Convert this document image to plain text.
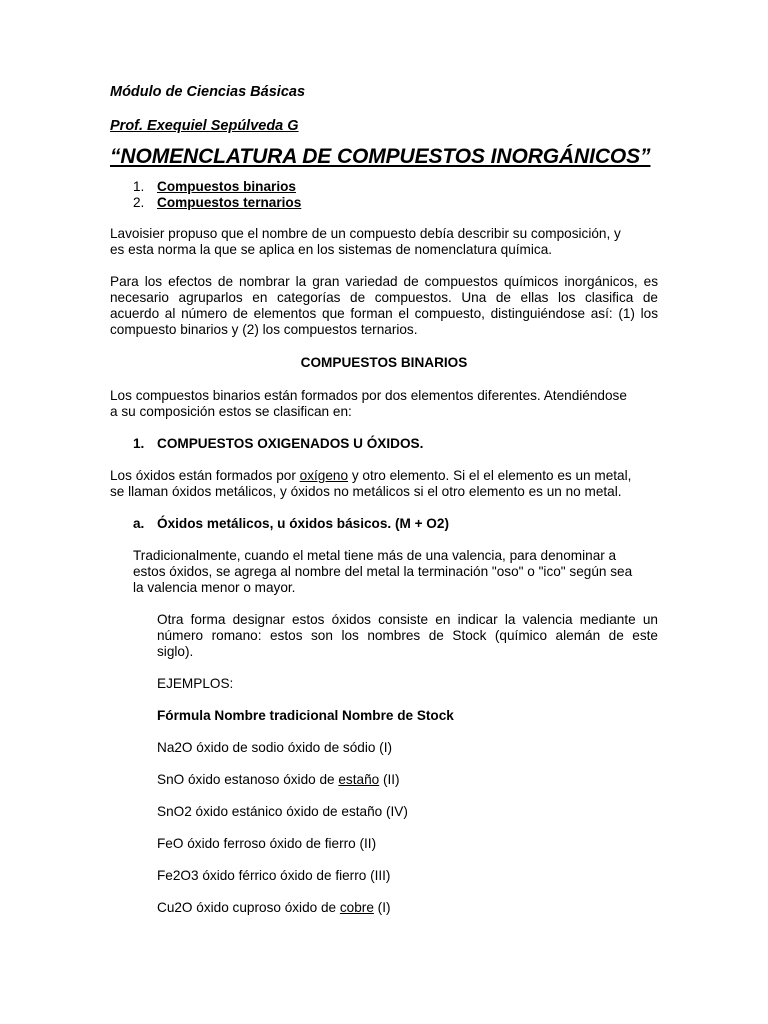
Módulo de Ciencias Básicas
Prof. Exequiel Sepúlveda G
“NOMENCLATURA DE COMPUESTOS INORGÁNICOS”
1. Compuestos binarios
2. Compuestos ternarios
Lavoisier propuso que el nombre de un compuesto debía describir su composición, y
es esta norma la que se aplica en los sistemas de nomenclatura química.
Para los efectos de nombrar la gran variedad de compuestos químicos inorgánicos, es
necesario agruparlos en categorías de compuestos. Una de ellas los clasifica de
acuerdo al número de elementos que forman el compuesto, distinguiéndose así: (1) los
compuesto binarios y (2) los compuestos ternarios.
COMPUESTOS BINARIOS
Los compuestos binarios están formados por dos elementos diferentes. Atendiéndose
a su composición estos se clasifican en:
1. COMPUESTOS OXIGENADOS U ÓXIDOS.
Los óxidos están formados por oxígeno y otro elemento. Si el el elemento es un metal,
se llaman óxidos metálicos, y óxidos no metálicos si el otro elemento es un no metal.
a. Óxidos metálicos, u óxidos básicos. (M + O2)
Tradicionalmente, cuando el metal tiene más de una valencia, para denominar a
estos óxidos, se agrega al nombre del metal la terminación "oso" o "ico" según sea
la valencia menor o mayor.
Otra forma designar estos óxidos consiste en indicar la valencia mediante un
número romano: estos son los nombres de Stock (químico alemán de este
siglo).
EJEMPLOS:
Fórmula Nombre tradicional Nombre de Stock
Na2O óxido de sodio óxido de sódio (I)
SnO óxido estanoso óxido de estaño (II)
SnO2 óxido estánico óxido de estaño (IV)
FeO óxido ferroso óxido de fierro (II)
Fe2O3 óxido férrico óxido de fierro (III)
Cu2O óxido cuproso óxido de cobre (I)
